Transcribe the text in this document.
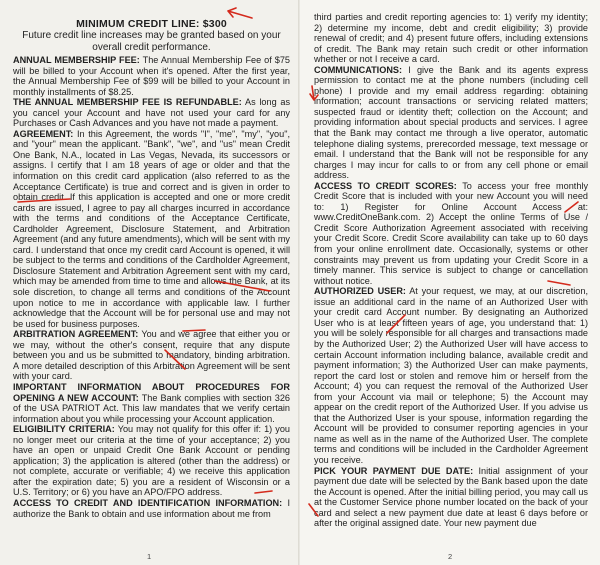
MINIMUM CREDIT LINE: $300
Future credit line increases may be granted based on your overall credit performance.

ANNUAL MEMBERSHIP FEE: The Annual Membership Fee of $75 will be billed to your Account when it's opened. After the first year, the Annual Membership Fee of $99 will be billed to your Account in monthly installments of $8.25.

THE ANNUAL MEMBERSHIP FEE IS REFUNDABLE: As long as you cancel your Account and have not used your card for any Purchases or Cash Advances and you have not made a payment.

AGREEMENT: In this Agreement, the words "I", "me", "my", "you", and "your" mean the applicant. "Bank", "we", and "us" mean Credit One Bank, N.A., located in Las Vegas, Nevada, its successors or assigns. I certify that I am 18 years of age or older and that the information on this credit card application (also referred to as the Acceptance Certificate) is true and correct and is given in order to obtain credit. If this application is accepted and one or more credit cards are issued, I agree to pay all charges incurred in accordance with the terms and conditions of the Acceptance Certificate, Cardholder Agreement, Disclosure Statement, and Arbitration Agreement (and any future amendments), which will be sent with my card. I understand that once my credit card Account is opened, it will be subject to the terms and conditions of the Cardholder Agreement, Disclosure Statement and Arbitration Agreement sent with my card, which may be amended from time to time and allows the Bank, at its sole discretion, to change all terms and conditions of the Account upon notice to me in accordance with applicable law. I further acknowledge that the Account will be for personal use and may not be used for business purposes.

ARBITRATION AGREEMENT: You and we agree that either you or we may, without the other's consent, require that any dispute between you and us be submitted to mandatory, binding arbitration. A more detailed description of this Arbitration Agreement will be sent with your card.

IMPORTANT INFORMATION ABOUT PROCEDURES FOR OPENING A NEW ACCOUNT: The Bank complies with section 326 of the USA PATRIOT Act. This law mandates that we verify certain information about you while processing your Account application.

ELIGIBILITY CRITERIA: You may not qualify for this offer if: 1) you no longer meet our criteria at the time of your acceptance; 2) you have an open or unpaid Credit One Bank Account or pending application; 3) the application is altered (other than the address) or not complete, accurate or verifiable; 4) we receive this application after the expiration date; 5) you are a resident of Wisconsin or a U.S. Territory; or 6) you have an APO/FPO address.

ACCESS TO CREDIT AND IDENTIFICATION INFORMATION: I authorize the Bank to obtain and use information about me from

1

third parties and credit reporting agencies to: 1) verify my identity; 2) determine my income, debt and credit eligibility; 3) provide renewal of credit; and 4) present future offers, including extensions of credit. The Bank may retain such credit or other information whether or not I receive a card.

COMMUNICATIONS: I give the Bank and its agents express permission to contact me at the phone numbers (including cell phone) I provide and my email address regarding: obtaining information; account transactions or servicing related matters; suspected fraud or identity theft; collection on the Account; and providing information about special products and services. I agree that the Bank may contact me through a live operator, automatic telephone dialing systems, prerecorded message, text message or email. I understand that the Bank will not be responsible for any charges I may incur for calls to or from any cell phone or email address.

ACCESS TO CREDIT SCORES: To access your free monthly Credit Score that is included with your new Account you will need to: 1) Register for Online Account Access at: www.CreditOneBank.com. 2) Accept the online Terms of Use / Credit Score Authorization Agreement associated with receiving your Credit Score. Credit Score availability can take up to 60 days from your online enrollment date. Occasionally, systems or other constraints may prevent us from updating your Credit Score in a timely manner. This service is subject to change or cancellation without notice.

AUTHORIZED USER: At your request, we may, at our discretion, issue an additional card in the name of an Authorized User with your credit card Account number. By designating an Authorized User who is at least fifteen years of age, you understand that: 1) you will be solely responsible for all charges and transactions made by the Authorized User; 2) the Authorized User will have access to certain Account information including balance, available credit and payment information; 3) the Authorized User can make payments, report the card lost or stolen and remove him or herself from the Account; 4) you can request the removal of the Authorized User from your Account via mail or telephone; 5) the Account may appear on the credit report of the Authorized User. If you advise us that the Authorized User is your spouse, information regarding the Account will be provided to consumer reporting agencies in your name as well as in the name of the Authorized User. The complete terms and conditions will be included in the Cardholder Agreement you receive.

PICK YOUR PAYMENT DUE DATE: Initial assignment of your payment due date will be selected by the Bank based upon the date the Account is opened. After the initial billing period, you may call us at the Customer Service phone number located on the back of your card and select a new payment due date at least 6 days before or after the original assigned date. Your new payment due

2
